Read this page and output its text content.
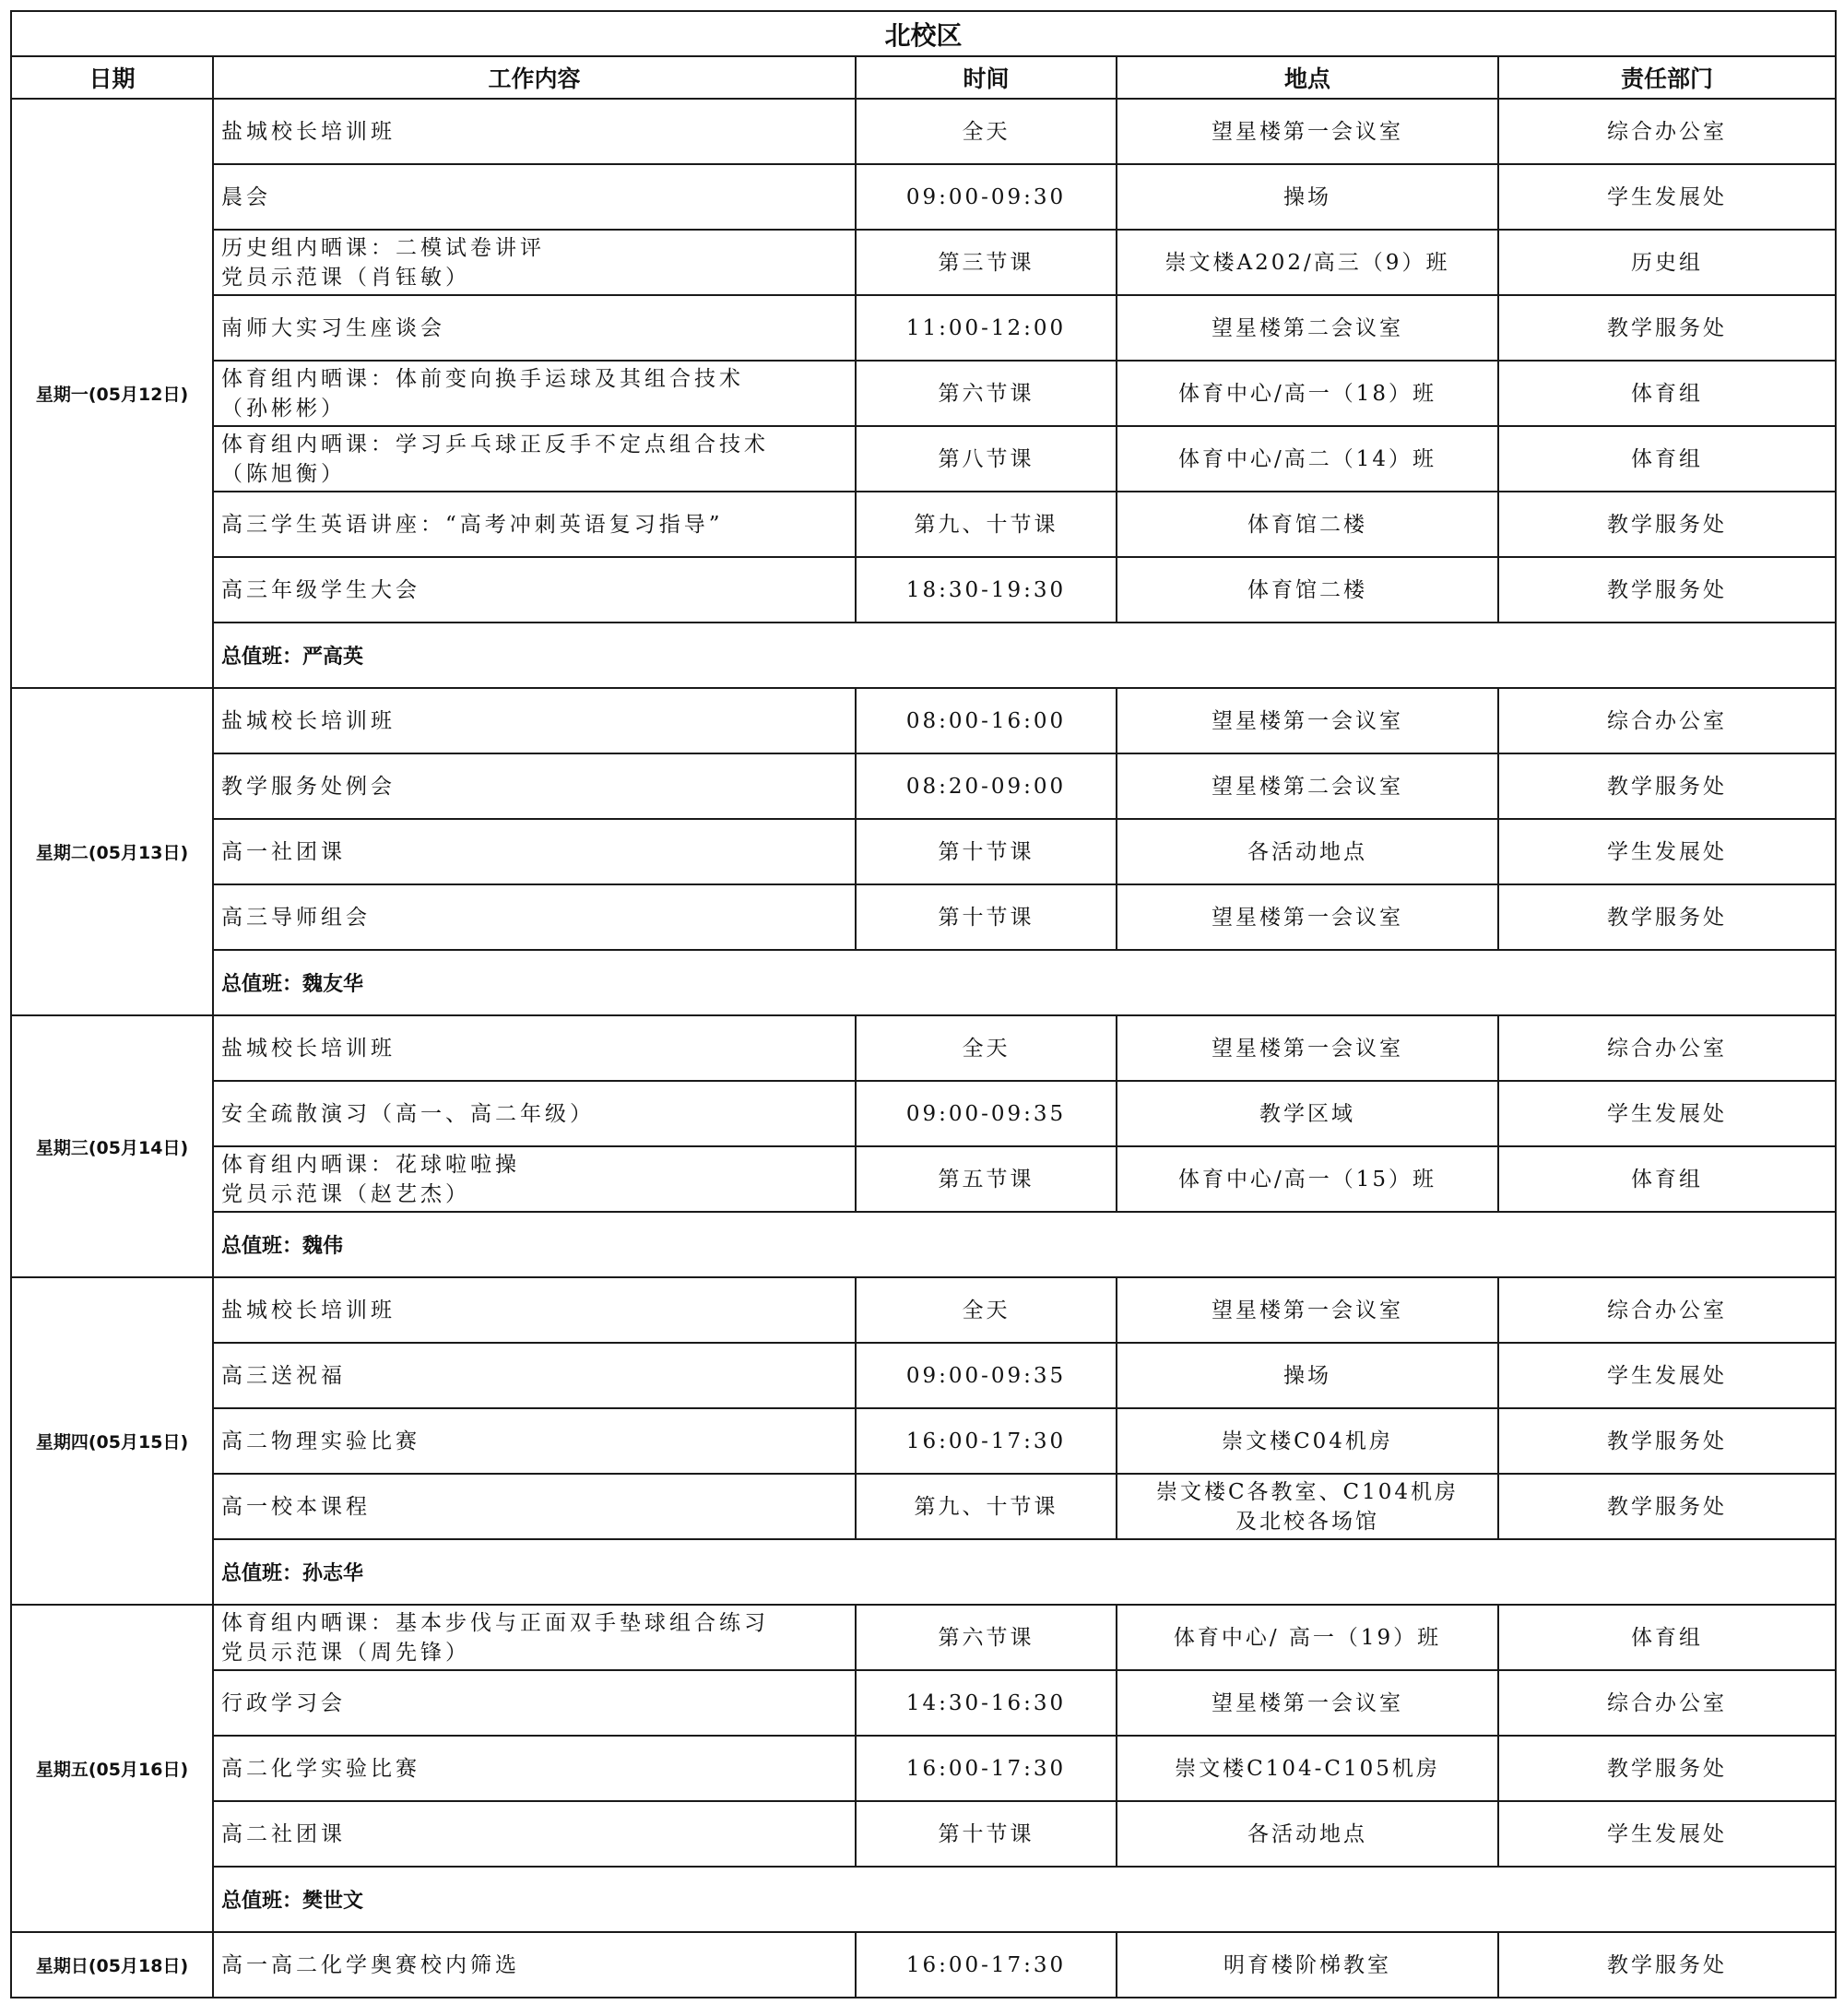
北校区				
日期	工作内容	时间	地点	责任部门
星期一(05月12日)	盐城校长培训班	全天	望星楼第一会议室	综合办公室

	晨会	09:00-09:30	操场	学生发展处

	历史组内晒课：二模试卷讲评
党员示范课（肖钰敏）	第三节课	崇文楼A202/高三（9）班	历史组

	南师大实习生座谈会	11:00-12:00	望星楼第二会议室	教学服务处

	体育组内晒课：体前变向换手运球及其组合技术
（孙彬彬）	第六节课	体育中心/高一（18）班	体育组

	体育组内晒课：学习乒乓球正反手不定点组合技术
（陈旭衡）	第八节课	体育中心/高二（14）班	体育组

	高三学生英语讲座：“高考冲刺英语复习指导”	第九、十节课	体育馆二楼	教学服务处

	高三年级学生大会	18:30-19:30	体育馆二楼	教学服务处
	总值班：严高英			
星期二(05月13日)	盐城校长培训班	08:00-16:00	望星楼第一会议室	综合办公室

	教学服务处例会	08:20-09:00	望星楼第二会议室	教学服务处

	高一社团课	第十节课	各活动地点	学生发展处

	高三导师组会	第十节课	望星楼第一会议室	教学服务处
	总值班：魏友华			
星期三(05月14日)	盐城校长培训班	全天	望星楼第一会议室	综合办公室

	安全疏散演习（高一、高二年级）	09:00-09:35	教学区域	学生发展处

	体育组内晒课：花球啦啦操
党员示范课（赵艺杰）	第五节课	体育中心/高一（15）班	体育组
	总值班：魏伟			
星期四(05月15日)	盐城校长培训班	全天	望星楼第一会议室	综合办公室

	高三送祝福	09:00-09:35	操场	学生发展处

	高二物理实验比赛	16:00-17:30	崇文楼C04机房	教学服务处

	高一校本课程	第九、十节课	崇文楼C各教室、C104机房
及北校各场馆	教学服务处
	总值班：孙志华			
星期五(05月16日)	体育组内晒课：基本步伐与正面双手垫球组合练习
党员示范课（周先锋）	第六节课	体育中心/ 高一（19）班	体育组

	行政学习会	14:30-16:30	望星楼第一会议室	综合办公室

	高二化学实验比赛	16:00-17:30	崇文楼C104-C105机房	教学服务处

	高二社团课	第十节课	各活动地点	学生发展处
	总值班：樊世文			
星期日(05月18日)	高一高二化学奥赛校内筛选	16:00-17:30	明育楼阶梯教室	教学服务处
